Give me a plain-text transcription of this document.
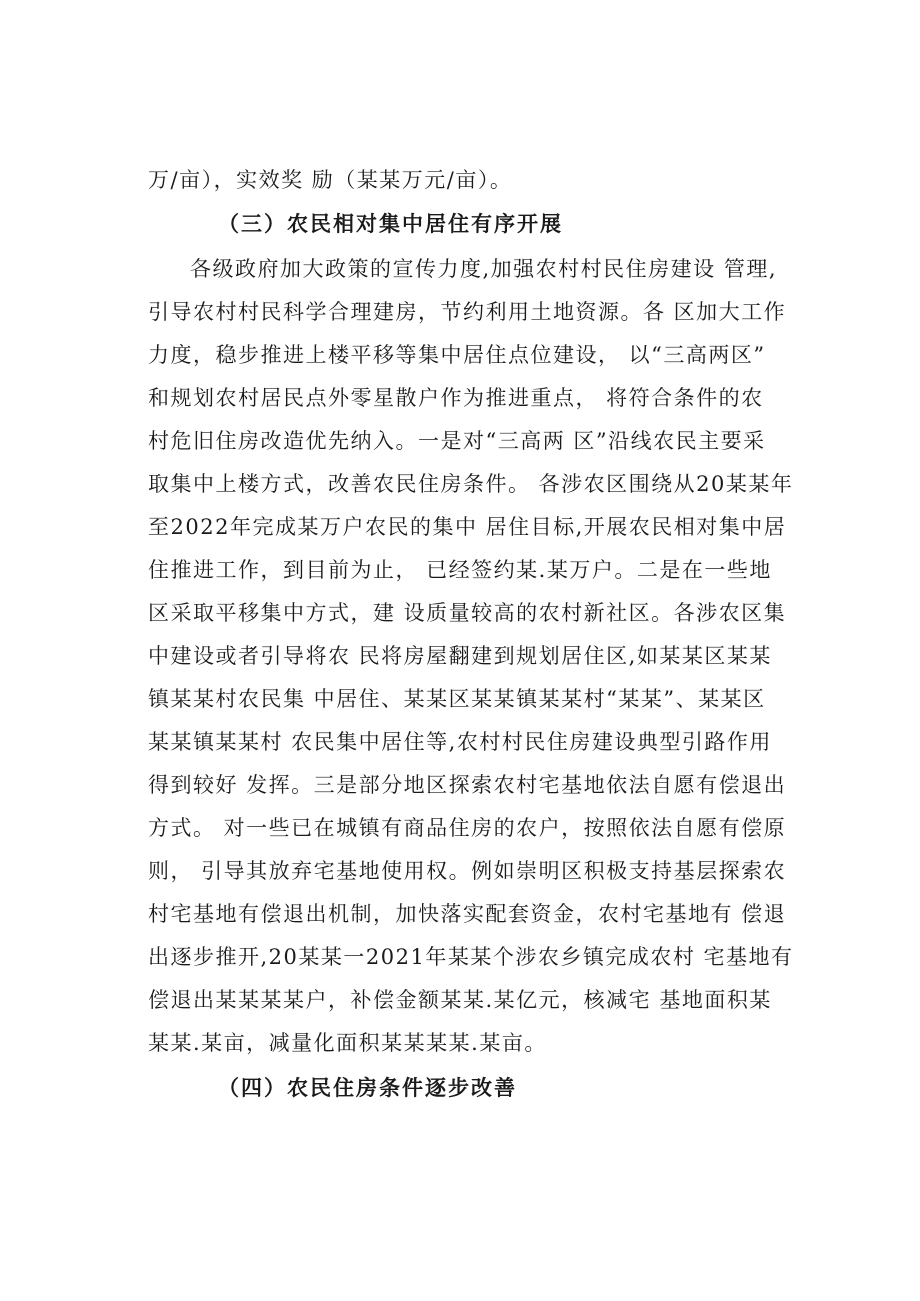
万/亩），实效奖 励（某某万元/亩）。
（三）农民相对集中居住有序开展
各级政府加大政策的宣传力度,加强农村村民住房建设 管理,
引导农村村民科学合理建房，节约利用土地资源。各 区加大工作
力度，稳步推进上楼平移等集中居住点位建设， 以“三高两区”
和规划农村居民点外零星散户作为推进重点， 将符合条件的农
村危旧住房改造优先纳入。一是对“三高两 区”沿线农民主要采
取集中上楼方式，改善农民住房条件。 各涉农区围绕从20某某年
至2022年完成某万户农民的集中 居住目标,开展农民相对集中居
住推进工作，到目前为止， 已经签约某.某万户。二是在一些地
区采取平移集中方式，建 设质量较高的农村新社区。各涉农区集
中建设或者引导将农 民将房屋翻建到规划居住区,如某某区某某
镇某某村农民集 中居住、某某区某某镇某某村“某某”、某某区
某某镇某某村 农民集中居住等,农村村民住房建设典型引路作用
得到较好 发挥。三是部分地区探索农村宅基地依法自愿有偿退出
方式。 对一些已在城镇有商品住房的农户，按照依法自愿有偿原
则， 引导其放弃宅基地使用权。例如崇明区积极支持基层探索农
村宅基地有偿退出机制，加快落实配套资金，农村宅基地有 偿退
出逐步推开,20某某一2021年某某个涉农乡镇完成农村 宅基地有
偿退出某某某某户，补偿金额某某.某亿元，核减宅 基地面积某
某某.某亩，减量化面积某某某某.某亩。
（四）农民住房条件逐步改善
